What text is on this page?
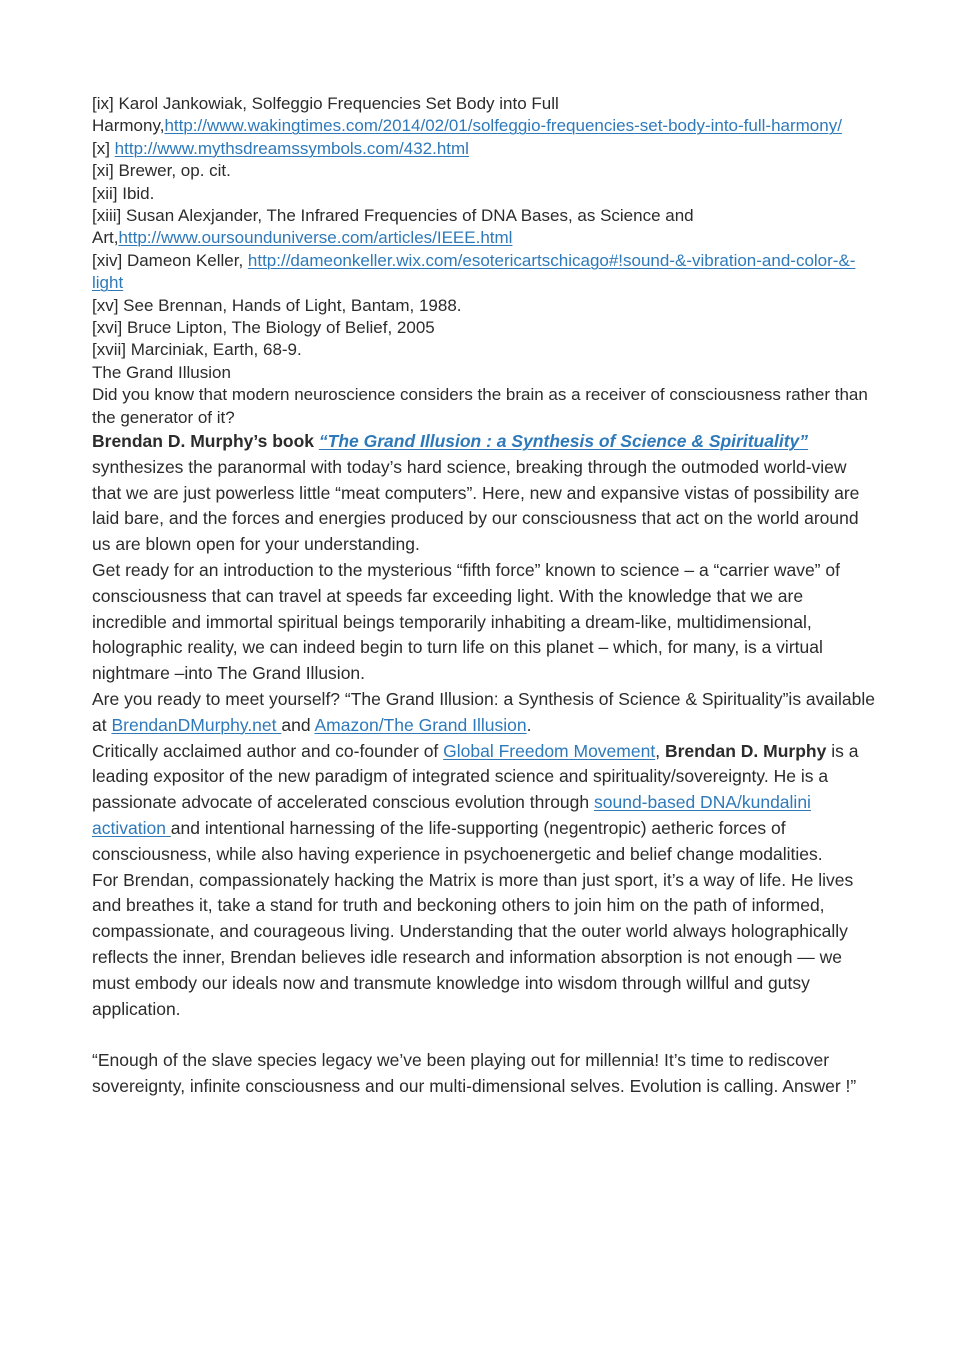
[ix] Karol Jankowiak, Solfeggio Frequencies Set Body into Full Harmony,http://www.wakingtimes.com/2014/02/01/solfeggio-frequencies-set-body-into-full-harmony/

[x] http://www.mythsdreamssymbols.com/432.html

[xi] Brewer, op. cit.

[xii] Ibid.

[xiii] Susan Alexjander, The Infrared Frequencies of DNA Bases, as Science and Art,http://www.oursounduniverse.com/articles/IEEE.html

[xiv] Dameon Keller, http://dameonkeller.wix.com/esotericartschicago#!sound-&-vibration-and-color-&-light

[xv] See Brennan, Hands of Light, Bantam, 1988.

[xvi] Bruce Lipton, The Biology of Belief, 2005

[xvii] Marciniak, Earth, 68-9.

The Grand Illusion

Did you know that modern neuroscience considers the brain as a receiver of consciousness rather than the generator of it?

Brendan D. Murphy’s book “The Grand Illusion : a Synthesis of Science & Spirituality” synthesizes the paranormal with today’s hard science, breaking through the outmoded world-view that we are just powerless little “meat computers”. Here, new and expansive vistas of possibility are laid bare, and the forces and energies produced by our consciousness that act on the world around us are blown open for your understanding.

Get ready for an introduction to the mysterious “fifth force” known to science – a “carrier wave” of consciousness that can travel at speeds far exceeding light. With the knowledge that we are incredible and immortal spiritual beings temporarily inhabiting a dream-like, multidimensional, holographic reality, we can indeed begin to turn life on this planet – which, for many, is a virtual nightmare –into The Grand Illusion.

Are you ready to meet yourself? “The Grand Illusion: a Synthesis of Science & Spirituality”is available at BrendanDMurphy.net and Amazon/The Grand Illusion.

Critically acclaimed author and co-founder of Global Freedom Movement, Brendan D. Murphy is a leading expositor of the new paradigm of integrated science and spirituality/sovereignty. He is a passionate advocate of accelerated conscious evolution through sound-based DNA/kundalini activation and intentional harnessing of the life-supporting (negentropic) aetheric forces of consciousness, while also having experience in psychoenergetic and belief change modalities.

For Brendan, compassionately hacking the Matrix is more than just sport, it’s a way of life. He lives and breathes it, take a stand for truth and beckoning others to join him on the path of informed, compassionate, and courageous living. Understanding that the outer world always holographically reflects the inner, Brendan believes idle research and information absorption is not enough — we must embody our ideals now and transmute knowledge into wisdom through willful and gutsy application.

“Enough of the slave species legacy we’ve been playing out for millennia! It’s time to rediscover sovereignty, infinite consciousness and our multi-dimensional selves. Evolution is calling. Answer !”
